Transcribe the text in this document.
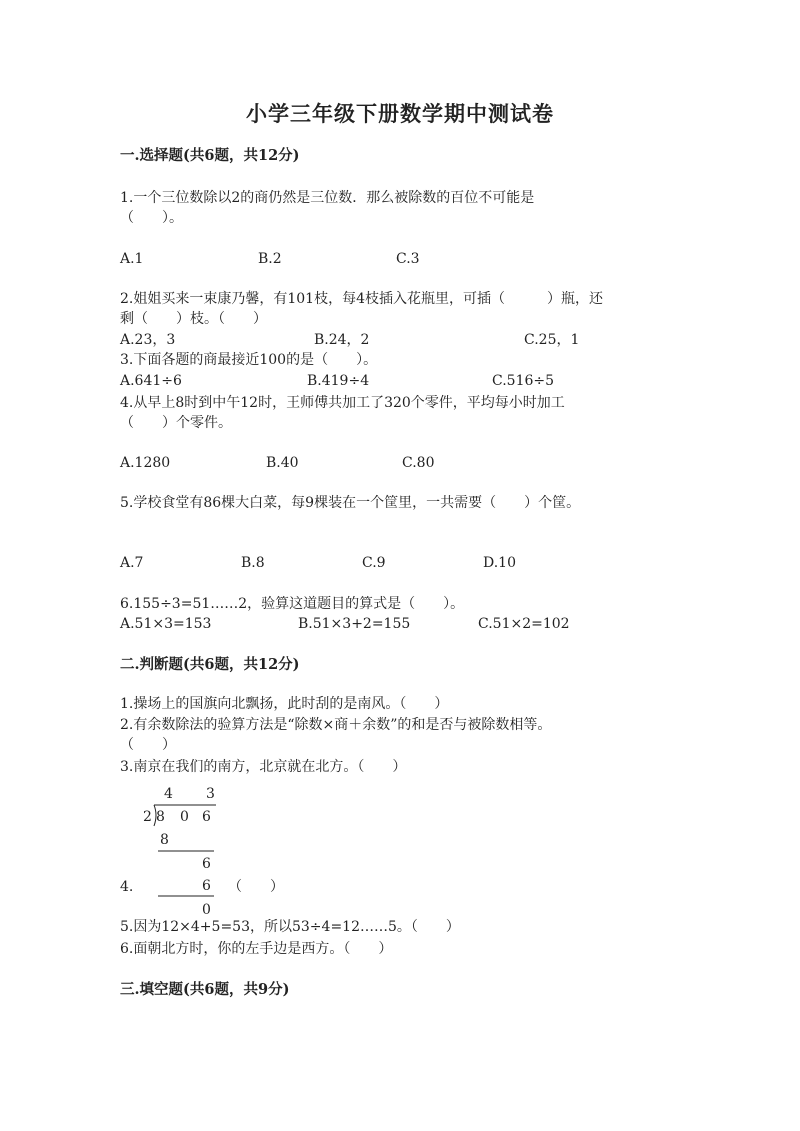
小学三年级下册数学期中测试卷
一.选择题(共6题，共12分)
1.一个三位数除以2的商仍然是三位数．那么被除数的百位不可能是
（　　）。
A.1	B.2	C.3
2.姐姐买来一束康乃馨，有101枝，每4枝插入花瓶里，可插（　　　）瓶，还
剩（　　）枝。（　　）
A.23，3	B.24，2	C.25，1
3.下面各题的商最接近100的是（　　）。
A.641÷6	B.419÷4	C.516÷5
4.从早上8时到中午12时，王师傅共加工了320个零件，平均每小时加工
（　　）个零件。
A.1280	B.40	C.80
5.学校食堂有86棵大白菜，每9棵装在一个筐里，一共需要（　　）个筐。
A.7	B.8	C.9	D.10
6.155÷3=51……2，验算这道题目的算式是（　　）。
A.51×3=153	B.51×3+2=155	C.51×2=102
二.判断题(共6题，共12分)
1.操场上的国旗向北飘扬，此时刮的是南风。（　　）
2.有余数除法的验算方法是“除数×商＋余数”的和是否与被除数相等。
（　　）
3.南京在我们的南方，北京就在北方。（　　）
4 3
2 8 0 6
8
6
6
0
4.	（　　）
5.因为12×4+5=53，所以53÷4=12……5。（　　）
6.面朝北方时，你的左手边是西方。（　　）
三.填空题(共6题，共9分)
